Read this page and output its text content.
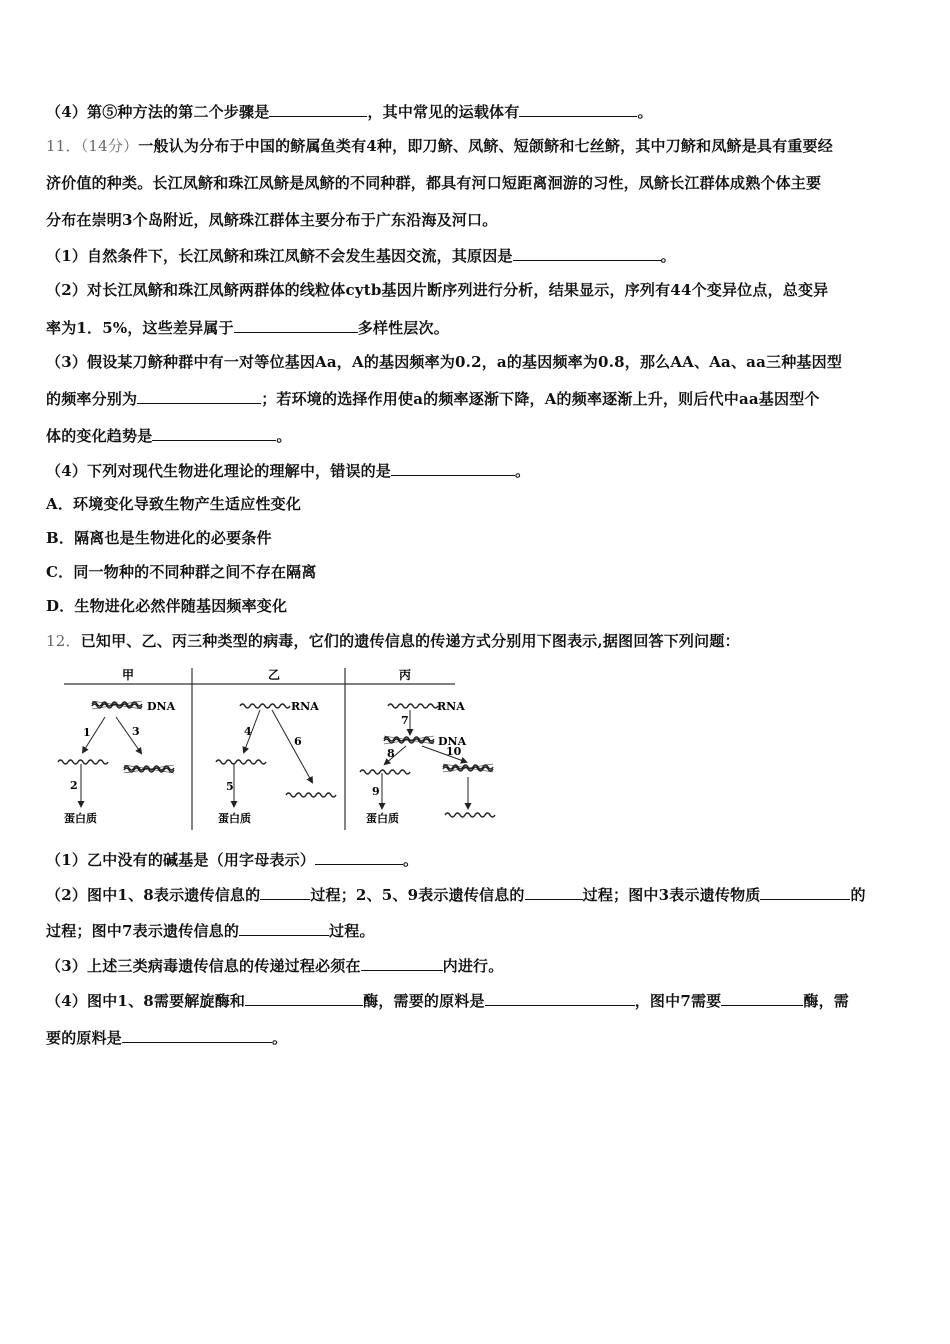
（4）第⑤种方法的第二个步骤是	，其中常见的运载体有	。
11．（14分）一般认为分布于中国的鲚属鱼类有4种，即刀鲚、凤鲚、短颌鲚和七丝鲚，其中刀鲚和凤鲚是具有重要经
济价值的种类。长江凤鲚和珠江凤鲚是凤鲚的不同种群，都具有河口短距离洄游的习性，凤鲚长江群体成熟个体主要
分布在崇明3个岛附近，凤鲚珠江群体主要分布于广东沿海及河口。
（1）自然条件下，长江凤鲚和珠江凤鲚不会发生基因交流，其原因是	。
（2）对长江凤鲚和珠江凤鲚两群体的线粒体cytb基因片断序列进行分析，结果显示，序列有44个变异位点，总变异
率为1．5%，这些差异属于	多样性层次。
（3）假设某刀鲚种群中有一对等位基因Aa，A的基因频率为0.2，a的基因频率为0.8，那么AA、Aa、aa三种基因型
的频率分别为	；若环境的选择作用使a的频率逐渐下降，A的频率逐渐上升，则后代中aa基因型个
体的变化趋势是	。
（4）下列对现代生物进化理论的理解中，错误的是	。
A．环境变化导致生物产生适应性变化
B．隔离也是生物进化的必要条件
C．同一物种的不同种群之间不存在隔离
D．生物进化必然伴随基因频率变化
12．已知甲、乙、丙三种类型的病毒，它们的遗传信息的传递方式分别用下图表示,据图回答下列问题：
甲	乙	丙
DNA
1	3
2
蛋白质
RNA
4
6
5
蛋白质
RNA
7
DNA
8	10
9
蛋白质
（1）乙中没有的碱基是（用字母表示）	。
（2）图中1、8表示遗传信息的	过程；2、5、9表示遗传信息的	过程；图中3表示遗传物质	的
过程；图中7表示遗传信息的	过程。
（3）上述三类病毒遗传信息的传递过程必须在	内进行。
（4）图中1、8需要解旋酶和	酶，需要的原料是	，图中7需要	酶，需
要的原料是	。
